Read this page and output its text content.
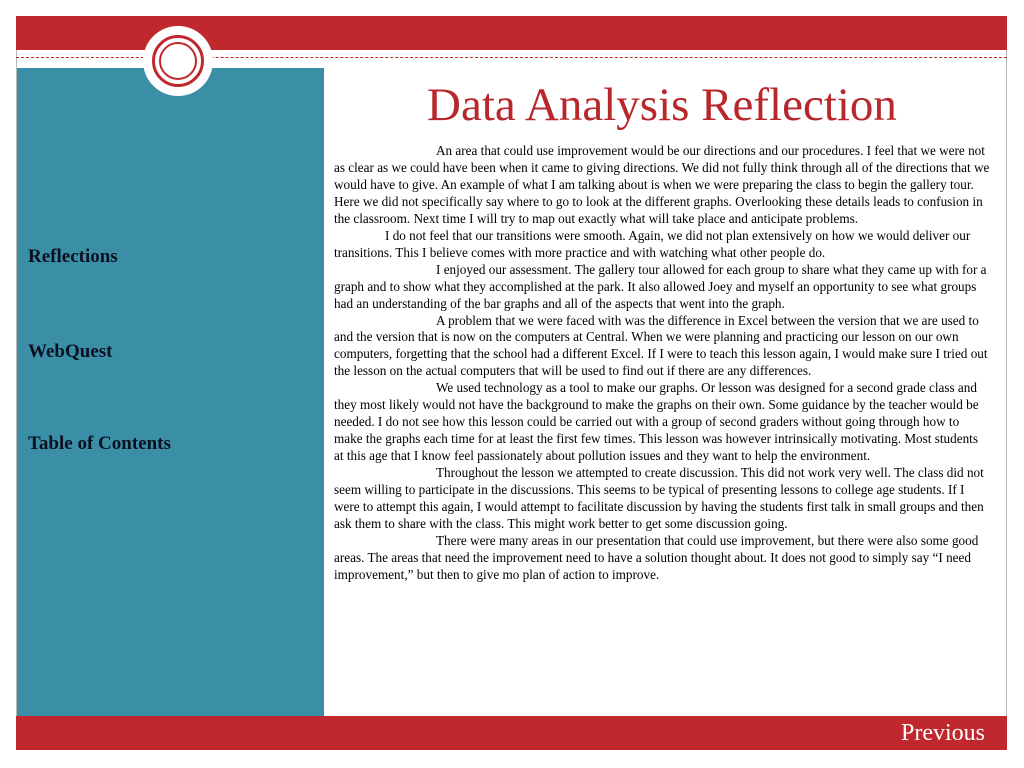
Reflections
WebQuest
Table of Contents
Data Analysis Reflection

An area that could use improvement would be our directions and our procedures. I feel that we were not as clear as we could have been when it came to giving directions. We did not fully think through all of the directions that we would have to give. An example of what I am talking about is when we were preparing the class to begin the gallery tour. Here we did not specifically say where to go to look at the different graphs. Overlooking these details leads to confusion in the classroom. Next time I will try to map out exactly what will take place and anticipate problems.

I do not feel that our transitions were smooth. Again, we did not plan extensively on how we would deliver our transitions. This I believe comes with more practice and with watching what other people do.

I enjoyed our assessment. The gallery tour allowed for each group to share what they came up with for a graph and to show what they accomplished at the park. It also allowed Joey and myself an opportunity to see what groups had an understanding of the bar graphs and all of the aspects that went into the graph.

A problem that we were faced with was the difference in Excel between the version that we are used to and the version that is now on the computers at Central. When we were planning and practicing our lesson on our own computers, forgetting that the school had a different Excel. If I were to teach this lesson again, I would make sure I tried out the lesson on the actual computers that will be used to find out if there are any differences.

We used technology as a tool to make our graphs. Or lesson was designed for a second grade class and they most likely would not have the background to make the graphs on their own. Some guidance by the teacher would be needed. I do not see how this lesson could be carried out with a group of second graders without going through how to make the graphs each time for at least the first few times. This lesson was however intrinsically motivating. Most students at this age that I know feel passionately about pollution issues and they want to help the environment.

Throughout the lesson we attempted to create discussion. This did not work very well. The class did not seem willing to participate in the discussions. This seems to be typical of presenting lessons to college age students. If I were to attempt this again, I would attempt to facilitate discussion by having the students first talk in small groups and then ask them to share with the class. This might work better to get some discussion going.

There were many areas in our presentation that could use improvement, but there were also some good areas. The areas that need the improvement need to have a solution thought about. It does not good to simply say “I need improvement,” but then to give mo plan of action to improve.

Previous
